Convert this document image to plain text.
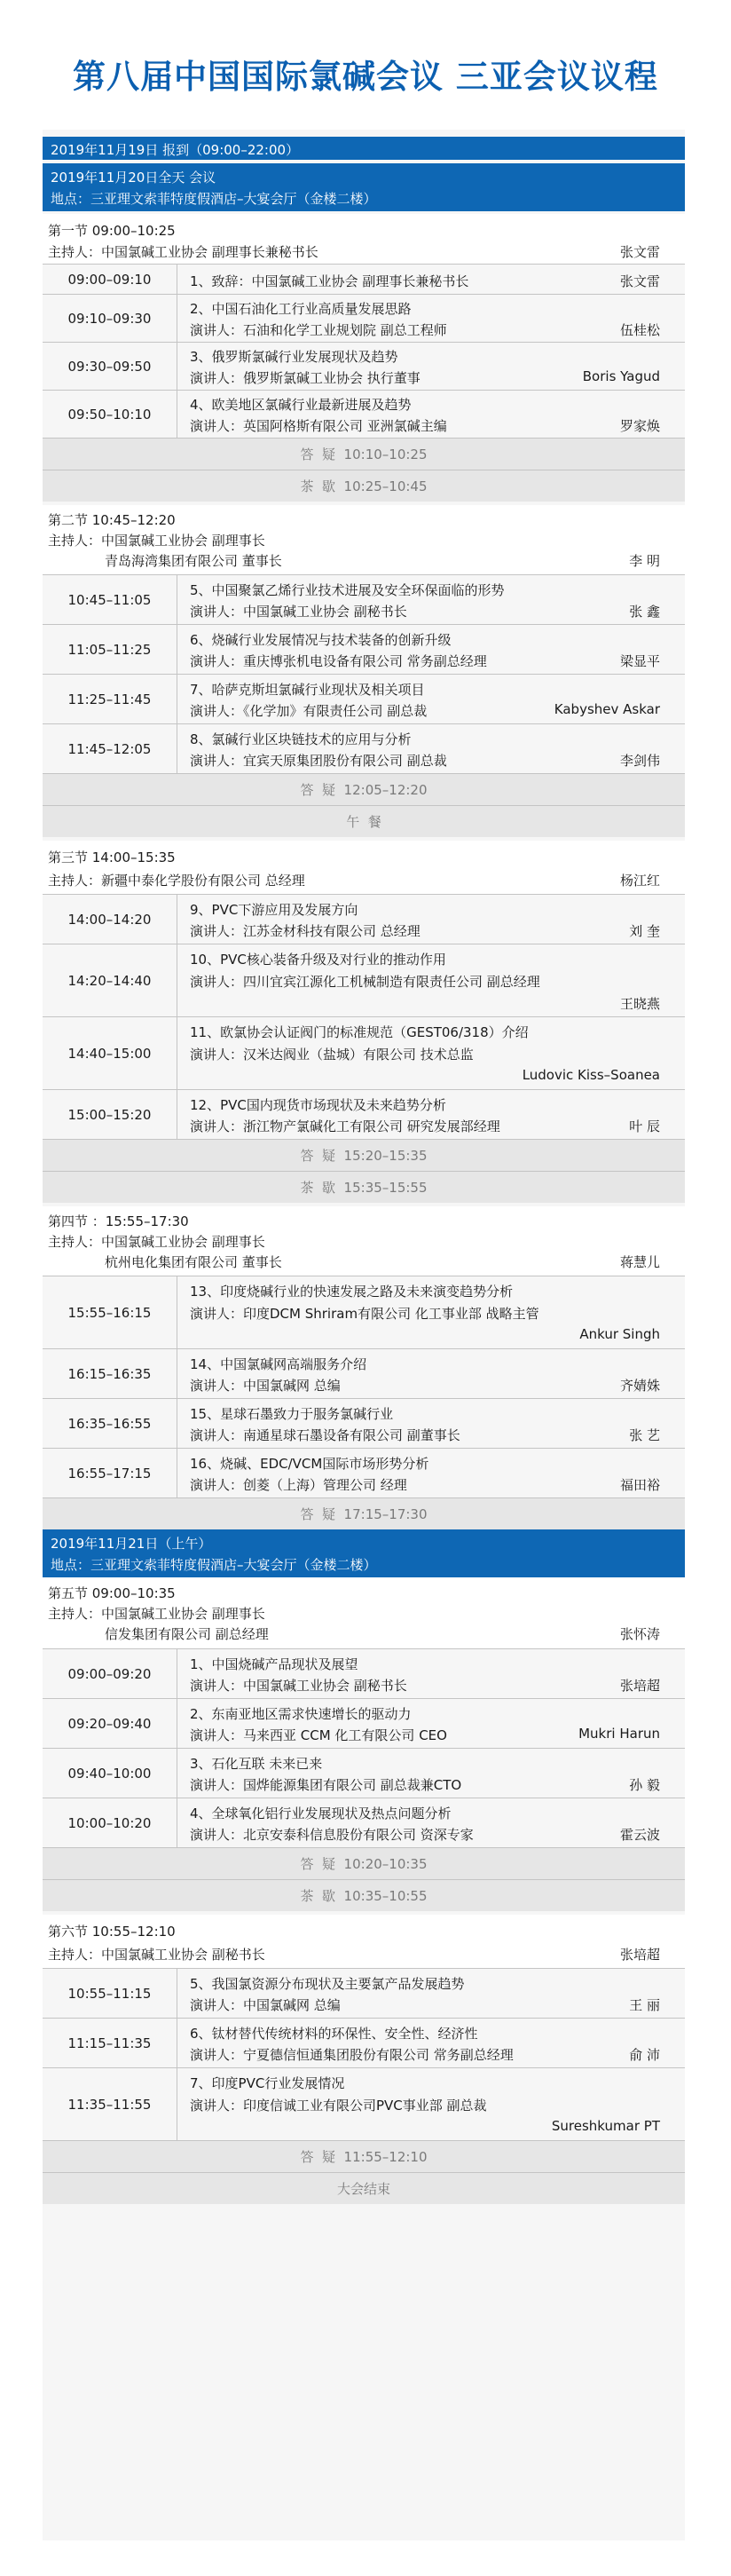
第八届中国国际氯碱会议 三亚会议议程
2019年11月19日 报到（09:00–22:00）
2019年11月20日全天 会议
地点：三亚理文索菲特度假酒店–大宴会厅（金楼二楼）
第一节 09:00–10:25
主持人：中国氯碱工业协会 副理事长兼秘书长	张文雷
09:00–09:10	1、致辞：中国氯碱工业协会 副理事长兼秘书长	张文雷
09:10–09:30
2、中国石油化工行业高质量发展思路
演讲人：石油和化学工业规划院 副总工程师	伍桂松
09:30–09:50
3、俄罗斯氯碱行业发展现状及趋势
演讲人：俄罗斯氯碱工业协会 执行董事	Boris Yagud
09:50–10:10
4、欧美地区氯碱行业最新进展及趋势
演讲人：英国阿格斯有限公司 亚洲氯碱主编	罗家焕
答  疑  10:10–10:25
茶  歇  10:25–10:45
第二节 10:45–12:20
主持人：中国氯碱工业协会 副理事长
青岛海湾集团有限公司 董事长	李 明
10:45–11:05
5、中国聚氯乙烯行业技术进展及安全环保面临的形势
演讲人：中国氯碱工业协会 副秘书长	张 鑫
11:05–11:25
6、烧碱行业发展情况与技术装备的创新升级
演讲人：重庆博张机电设备有限公司 常务副总经理	梁显平
11:25–11:45
7、哈萨克斯坦氯碱行业现状及相关项目
演讲人：《化学加》有限责任公司 副总裁	Kabyshev Askar
11:45–12:05
8、氯碱行业区块链技术的应用与分析
演讲人：宜宾天原集团股份有限公司 副总裁	李剑伟
答  疑  12:05–12:20
午  餐
第三节 14:00–15:35
主持人：新疆中泰化学股份有限公司 总经理	杨江红
14:00–14:20
9、PVC下游应用及发展方向
演讲人：江苏金材科技有限公司 总经理	刘 奎
14:20–14:40
10、PVC核心装备升级及对行业的推动作用
演讲人：四川宜宾江源化工机械制造有限责任公司 副总经理
王晓燕
14:40–15:00
11、欧氯协会认证阀门的标准规范（GEST06/318）介绍
演讲人：汉米达阀业（盐城）有限公司 技术总监
Ludovic Kiss–Soanea
15:00–15:20
12、PVC国内现货市场现状及未来趋势分析
演讲人：浙江物产氯碱化工有限公司 研究发展部经理	叶 辰
答  疑  15:20–15:35
茶  歇  15:35–15:55
第四节 ：15:55–17:30
主持人：中国氯碱工业协会 副理事长
杭州电化集团有限公司 董事长	蒋慧儿
15:55–16:15
13、印度烧碱行业的快速发展之路及未来演变趋势分析
演讲人：印度DCM Shriram有限公司 化工事业部 战略主管
Ankur Singh
16:15–16:35
14、中国氯碱网高端服务介绍
演讲人：中国氯碱网 总编	齐婧姝
16:35–16:55
15、星球石墨致力于服务氯碱行业
演讲人：南通星球石墨设备有限公司 副董事长	张 艺
16:55–17:15
16、烧碱、EDC/VCM国际市场形势分析
演讲人：创菱（上海）管理公司 经理	福田裕
答  疑  17:15–17:30
2019年11月21日（上午）
地点：三亚理文索菲特度假酒店–大宴会厅（金楼二楼）
第五节 09:00–10:35
主持人：中国氯碱工业协会 副理事长
信发集团有限公司 副总经理	张怀涛
09:00–09:20
1、中国烧碱产品现状及展望
演讲人：中国氯碱工业协会 副秘书长	张培超
09:20–09:40
2、东南亚地区需求快速增长的驱动力
演讲人：马来西亚 CCM 化工有限公司 CEO	Mukri Harun
09:40–10:00
3、石化互联 未来已来
演讲人：国烨能源集团有限公司 副总裁兼CTO	孙 毅
10:00–10:20
4、全球氧化铝行业发展现状及热点问题分析
演讲人：北京安泰科信息股份有限公司 资深专家	霍云波
答  疑  10:20–10:35
茶  歇  10:35–10:55
第六节 10:55–12:10
主持人：中国氯碱工业协会 副秘书长	张培超
10:55–11:15
5、我国氯资源分布现状及主要氯产品发展趋势
演讲人：中国氯碱网 总编	王 丽
11:15–11:35
6、钛材替代传统材料的环保性、安全性、经济性
演讲人：宁夏德信恒通集团股份有限公司 常务副总经理	俞 沛
11:35–11:55
7、印度PVC行业发展情况
演讲人：印度信诚工业有限公司PVC事业部 副总裁
Sureshkumar PT
答  疑  11:55–12:10
大会结束
